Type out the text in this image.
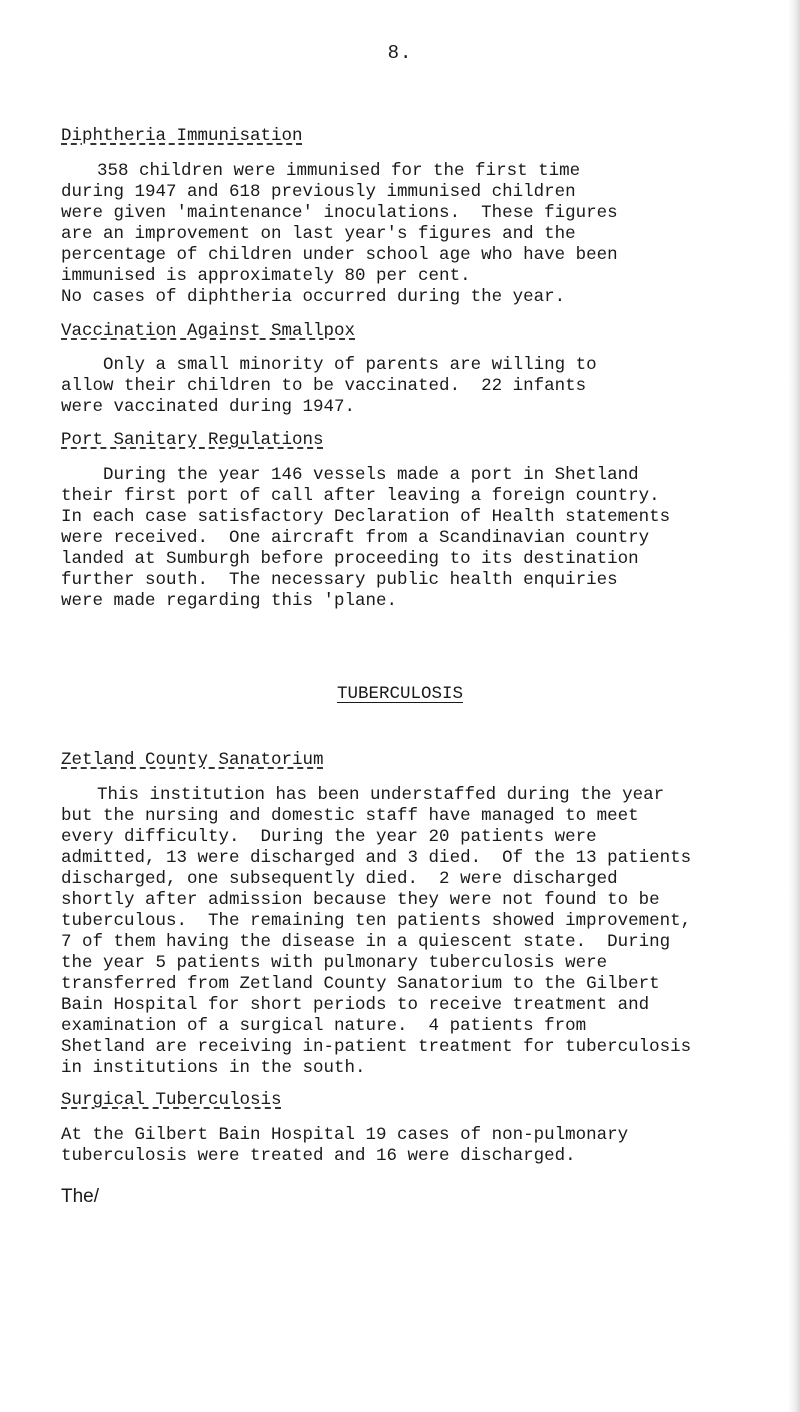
8.
Diphtheria Immunisation
358 children were immunised for the first time
during 1947 and 618 previously immunised children
were given 'maintenance' inoculations.  These figures
are an improvement on last year's figures and the
percentage of children under school age who have been
immunised is approximately 80 per cent.
No cases of diphtheria occurred during the year.
Vaccination Against Smallpox
Only a small minority of parents are willing to
allow their children to be vaccinated.  22 infants
were vaccinated during 1947.
Port Sanitary Regulations
During the year 146 vessels made a port in Shetland
their first port of call after leaving a foreign country.
In each case satisfactory Declaration of Health statements
were received.  One aircraft from a Scandinavian country
landed at Sumburgh before proceeding to its destination
further south.  The necessary public health enquiries
were made regarding this 'plane.
TUBERCULOSIS
Zetland County Sanatorium
This institution has been understaffed during the year
but the nursing and domestic staff have managed to meet
every difficulty.  During the year 20 patients were
admitted, 13 were discharged and 3 died.  Of the 13 patients
discharged, one subsequently died.  2 were discharged
shortly after admission because they were not found to be
tuberculous.  The remaining ten patients showed improvement,
7 of them having the disease in a quiescent state.  During
the year 5 patients with pulmonary tuberculosis were
transferred from Zetland County Sanatorium to the Gilbert
Bain Hospital for short periods to receive treatment and
examination of a surgical nature.  4 patients from
Shetland are receiving in-patient treatment for tuberculosis
in institutions in the south.
Surgical Tuberculosis
At the Gilbert Bain Hospital 19 cases of non-pulmonary
tuberculosis were treated and 16 were discharged.
The/
